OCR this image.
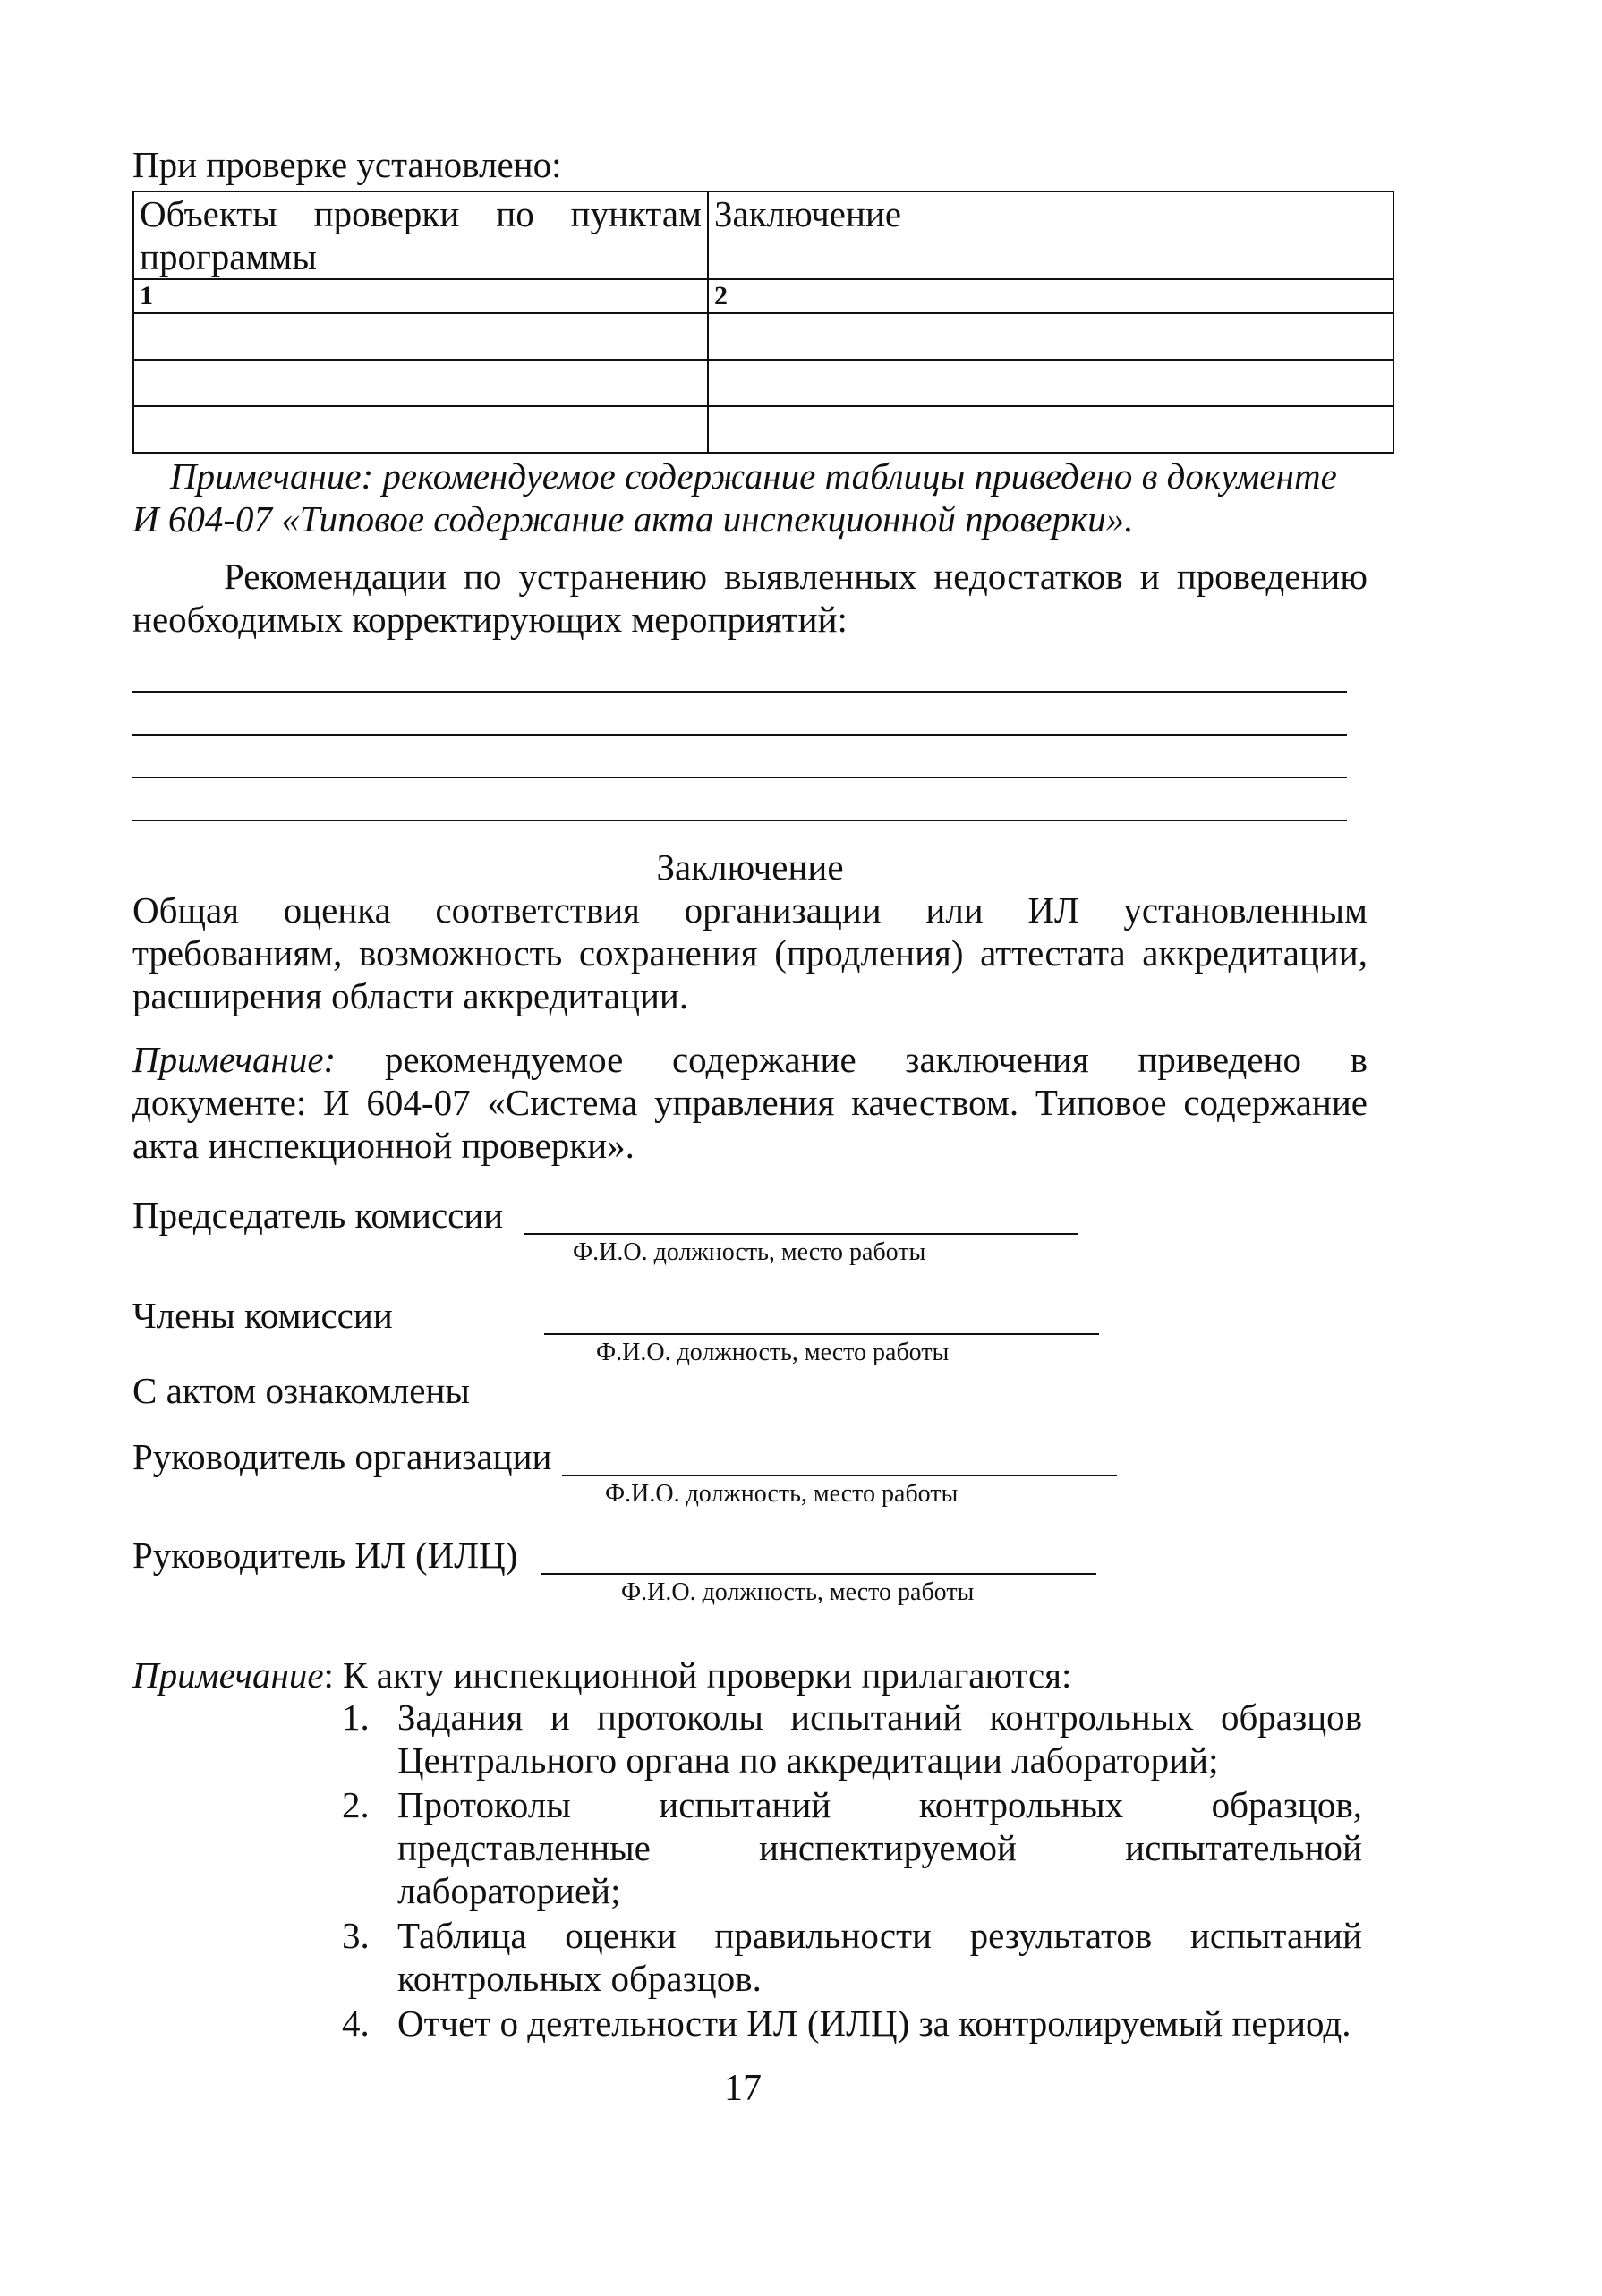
При проверке установлено:
Объекты проверки по пунктам
программы	Заключение
1	2

Примечание: рекомендуемое содержание таблицы приведено в документе
И 604-07 «Типовое содержание акта инспекционной проверки».
Рекомендации по устранению выявленных недостатков и проведению
необходимых корректирующих мероприятий:
Заключение
Общая оценка соответствия организации или ИЛ установленным
требованиям, возможность сохранения (продления) аттестата аккредитации,
расширения области аккредитации.
Примечание: рекомендуемое содержание заключения приведено в
документе: И 604-07 «Система управления качеством. Типовое содержание
акта инспекционной проверки».
Председатель комиссии
Ф.И.О. должность, место работы
Члены комиссии
Ф.И.О. должность, место работы
С актом ознакомлены
Руководитель организации
Ф.И.О. должность, место работы
Руководитель ИЛ (ИЛЦ)
Ф.И.О. должность, место работы
Примечание: К акту инспекционной проверки прилагаются:
1. Задания и протоколы испытаний контрольных образцов
Центрального органа по аккредитации лабораторий;
2. Протоколы испытаний контрольных образцов,
представленные инспектируемой испытательной
лабораторией;
3. Таблица оценки правильности результатов испытаний
контрольных образцов.
4. Отчет о деятельности ИЛ (ИЛЦ) за контролируемый период.
17
